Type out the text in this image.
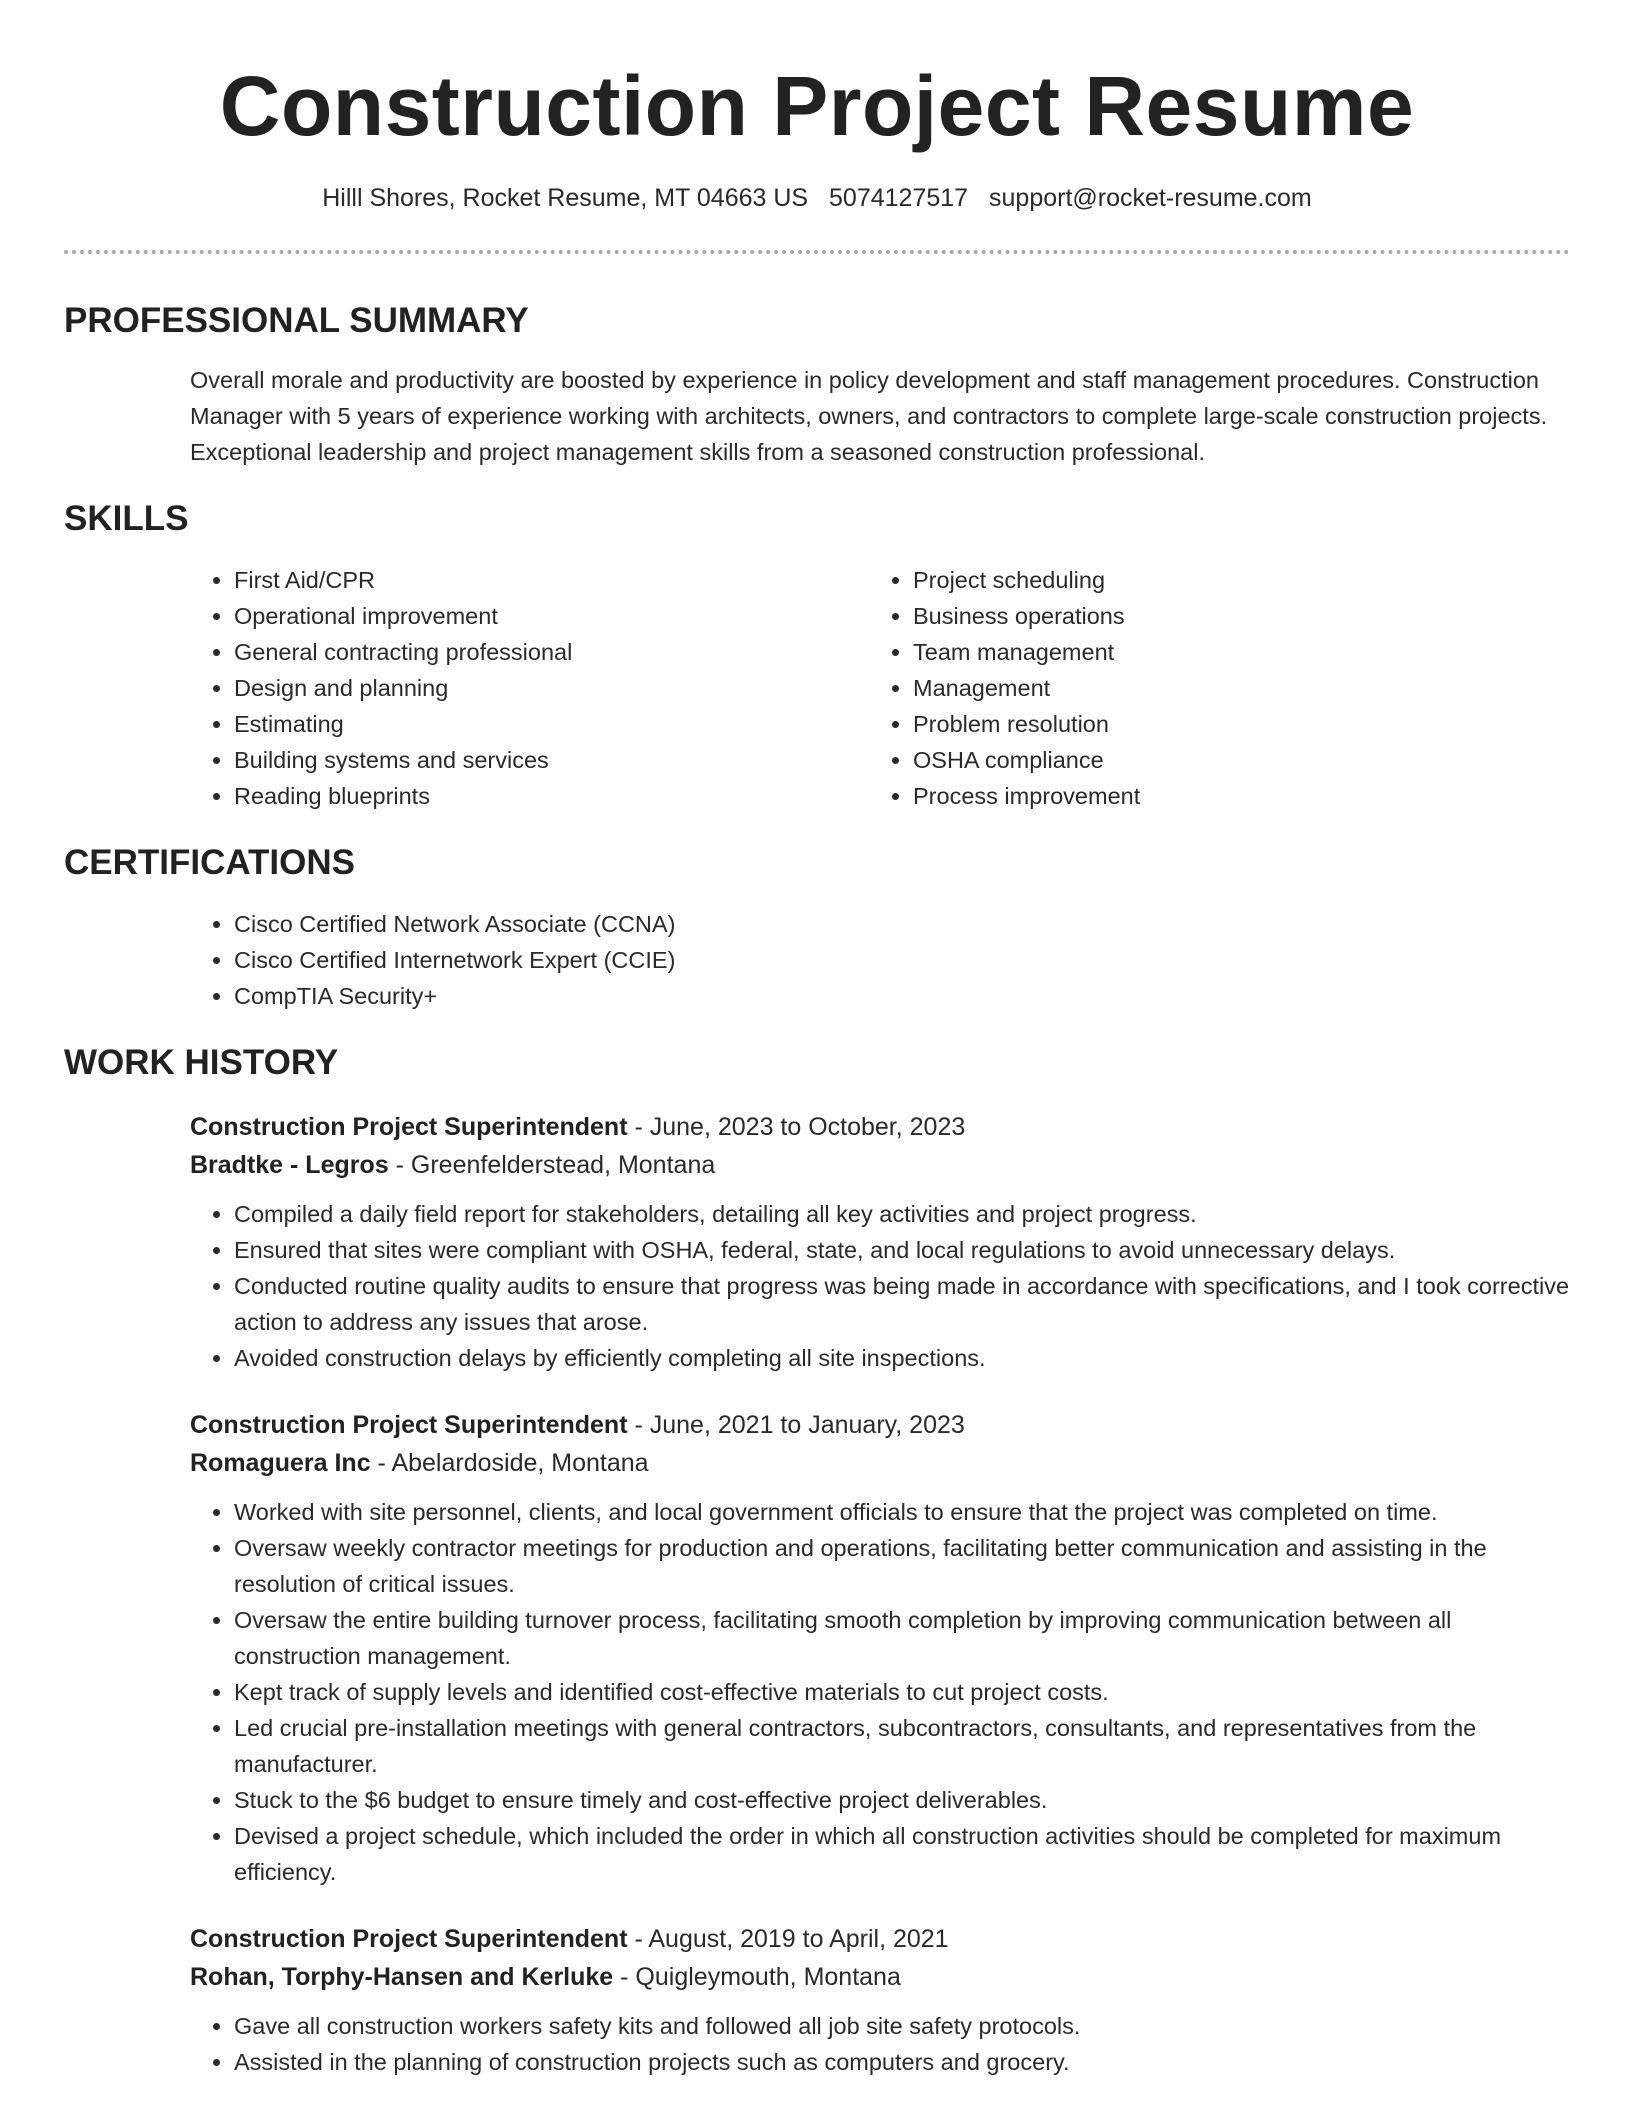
Construction Project Resume
Hilll Shores, Rocket Resume, MT 04663 US 5074127517 support@rocket-resume.com
PROFESSIONAL SUMMARY

Overall morale and productivity are boosted by experience in policy development and staff management procedures. Construction Manager with 5 years of experience working with architects, owners, and contractors to complete large-scale construction projects. Exceptional leadership and project management skills from a seasoned construction professional.

SKILLS
• First Aid/CPR
• Operational improvement
• General contracting professional
• Design and planning
• Estimating
• Building systems and services
• Reading blueprints
• Project scheduling
• Business operations
• Team management
• Management
• Problem resolution
• OSHA compliance
• Process improvement
CERTIFICATIONS
• Cisco Certified Network Associate (CCNA)
• Cisco Certified Internetwork Expert (CCIE)
• CompTIA Security+
WORK HISTORY
Construction Project Superintendent - June, 2023 to October, 2023
Bradtke - Legros - Greenfelderstead, Montana
• Compiled a daily field report for stakeholders, detailing all key activities and project progress.
• Ensured that sites were compliant with OSHA, federal, state, and local regulations to avoid unnecessary delays.
• Conducted routine quality audits to ensure that progress was being made in accordance with specifications, and I took corrective action to address any issues that arose.
• Avoided construction delays by efficiently completing all site inspections.
Construction Project Superintendent - June, 2021 to January, 2023
Romaguera Inc - Abelardoside, Montana
• Worked with site personnel, clients, and local government officials to ensure that the project was completed on time.
• Oversaw weekly contractor meetings for production and operations, facilitating better communication and assisting in the resolution of critical issues.
• Oversaw the entire building turnover process, facilitating smooth completion by improving communication between all construction management.
• Kept track of supply levels and identified cost-effective materials to cut project costs.
• Led crucial pre-installation meetings with general contractors, subcontractors, consultants, and representatives from the manufacturer.
• Stuck to the $6 budget to ensure timely and cost-effective project deliverables.
• Devised a project schedule, which included the order in which all construction activities should be completed for maximum efficiency.
Construction Project Superintendent - August, 2019 to April, 2021
Rohan, Torphy-Hansen and Kerluke - Quigleymouth, Montana
• Gave all construction workers safety kits and followed all job site safety protocols.
• Assisted in the planning of construction projects such as computers and grocery.
